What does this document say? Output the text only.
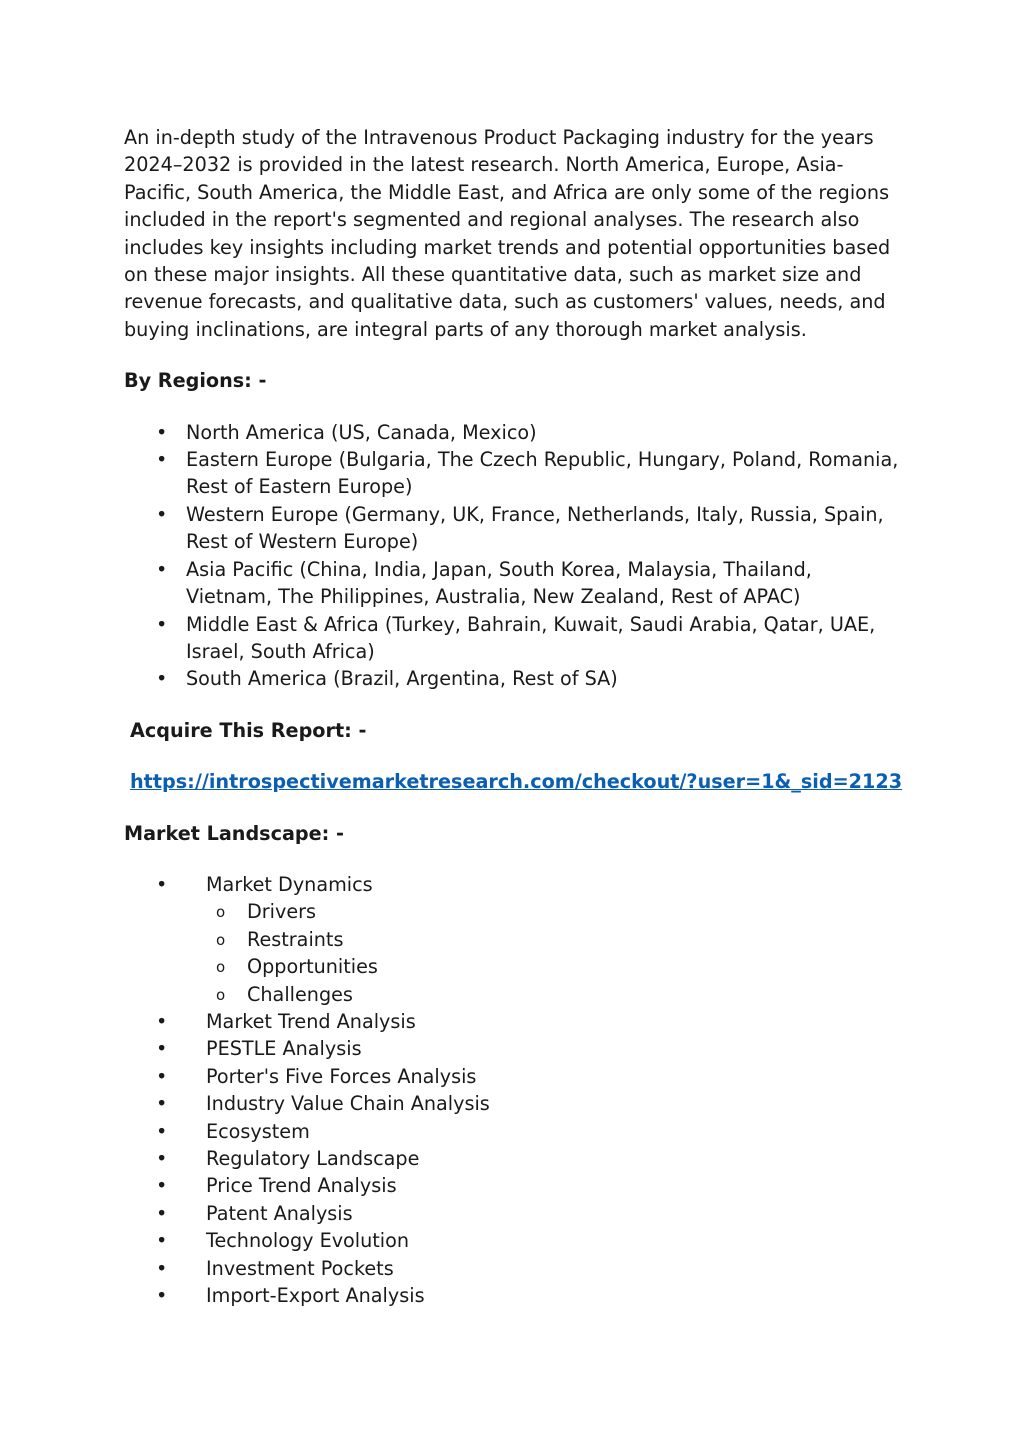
An in-depth study of the Intravenous Product Packaging industry for the years 2024–2032 is provided in the latest research. North America, Europe, Asia-Pacific, South America, the Middle East, and Africa are only some of the regions included in the report's segmented and regional analyses. The research also includes key insights including market trends and potential opportunities based on these major insights. All these quantitative data, such as market size and revenue forecasts, and qualitative data, such as customers' values, needs, and buying inclinations, are integral parts of any thorough market analysis.

By Regions: -

• North America (US, Canada, Mexico)
• Eastern Europe (Bulgaria, The Czech Republic, Hungary, Poland, Romania, Rest of Eastern Europe)
• Western Europe (Germany, UK, France, Netherlands, Italy, Russia, Spain, Rest of Western Europe)
• Asia Pacific (China, India, Japan, South Korea, Malaysia, Thailand, Vietnam, The Philippines, Australia, New Zealand, Rest of APAC)
• Middle East & Africa (Turkey, Bahrain, Kuwait, Saudi Arabia, Qatar, UAE, Israel, South Africa)
• South America (Brazil, Argentina, Rest of SA)

Acquire This Report: -

https://introspectivemarketresearch.com/checkout/?user=1&_sid=2123

Market Landscape: -

• Market Dynamics
o Drivers
o Restraints
o Opportunities
o Challenges
• Market Trend Analysis
• PESTLE Analysis
• Porter's Five Forces Analysis
• Industry Value Chain Analysis
• Ecosystem
• Regulatory Landscape
• Price Trend Analysis
• Patent Analysis
• Technology Evolution
• Investment Pockets
• Import-Export Analysis
